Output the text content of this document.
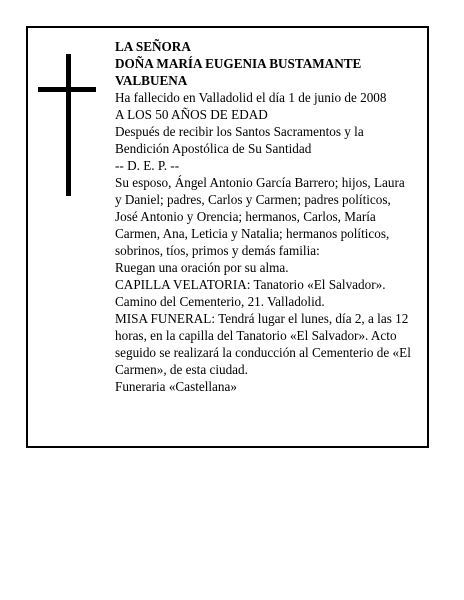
LA SEÑORA
DOÑA MARÍA EUGENIA BUSTAMANTE
VALBUENA
Ha fallecido en Valladolid el día 1 de junio de 2008
A LOS 50 AÑOS DE EDAD
Después de recibir los Santos Sacramentos y la
Bendición Apostólica de Su Santidad
-- D. E. P. --
Su esposo, Ángel Antonio García Barrero; hijos, Laura
y Daniel; padres, Carlos y Carmen; padres políticos,
José Antonio y Orencia; hermanos, Carlos, María
Carmen, Ana, Leticia y Natalia; hermanos políticos,
sobrinos, tíos, primos y demás familia:
Ruegan una oración por su alma.
CAPILLA VELATORIA: Tanatorio «El Salvador».
Camino del Cementerio, 21. Valladolid.
MISA FUNERAL: Tendrá lugar el lunes, día 2, a las 12
horas, en la capilla del Tanatorio «El Salvador». Acto
seguido se realizará la conducción al Cementerio de «El
Carmen», de esta ciudad.
Funeraria «Castellana»
